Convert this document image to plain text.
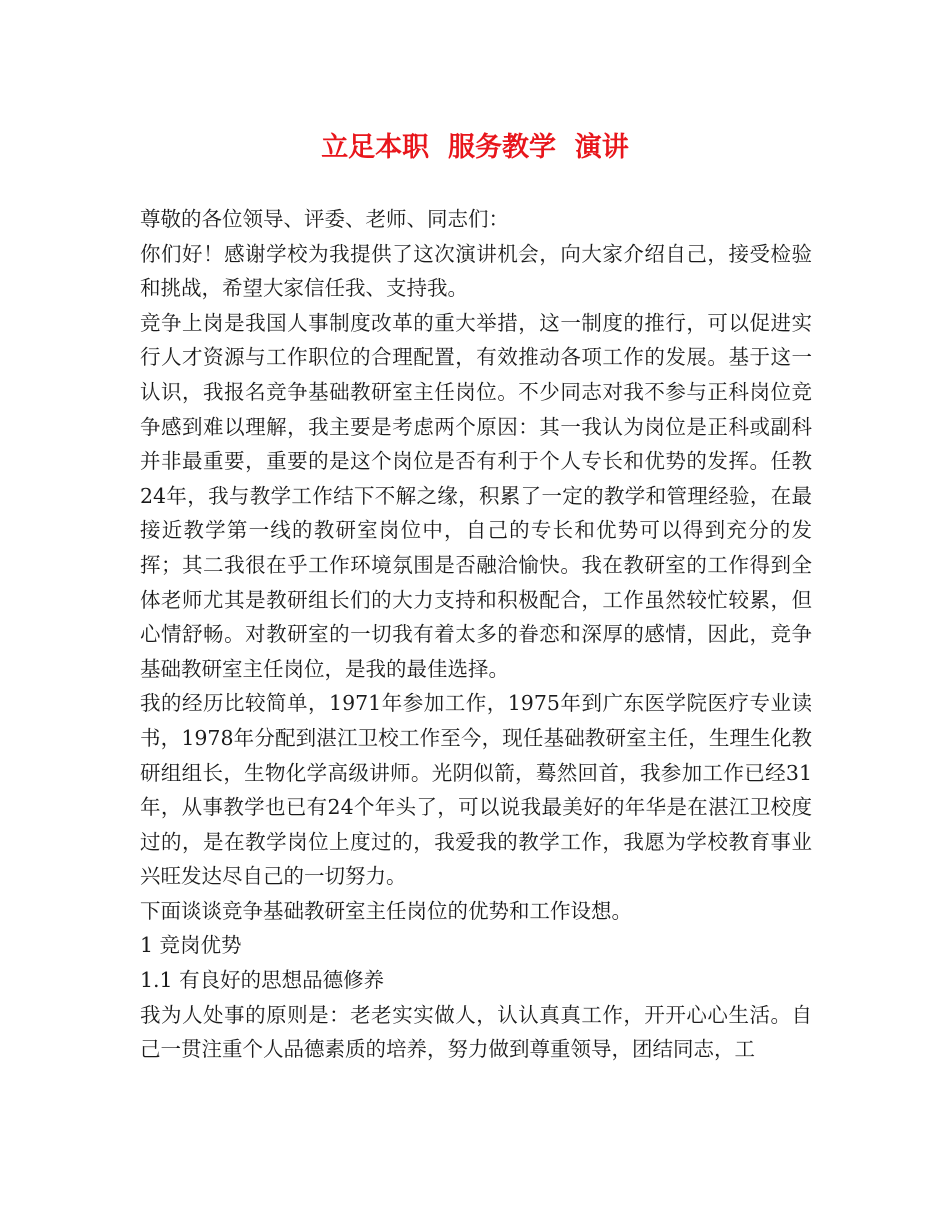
立足本职  服务教学  演讲

尊敬的各位领导、评委、老师、同志们：

你们好！感谢学校为我提供了这次演讲机会，向大家介绍自己，接受检验和挑战，希望大家信任我、支持我。

竞争上岗是我国人事制度改革的重大举措，这一制度的推行，可以促进实行人才资源与工作职位的合理配置，有效推动各项工作的发展。基于这一认识，我报名竞争基础教研室主任岗位。不少同志对我不参与正科岗位竞争感到难以理解，我主要是考虑两个原因：其一我认为岗位是正科或副科并非最重要，重要的是这个岗位是否有利于个人专长和优势的发挥。任教24年，我与教学工作结下不解之缘，积累了一定的教学和管理经验，在最接近教学第一线的教研室岗位中，自己的专长和优势可以得到充分的发挥；其二我很在乎工作环境氛围是否融洽愉快。我在教研室的工作得到全体老师尤其是教研组长们的大力支持和积极配合，工作虽然较忙较累，但心情舒畅。对教研室的一切我有着太多的眷恋和深厚的感情，因此，竞争基础教研室主任岗位，是我的最佳选择。

我的经历比较简单，1971年参加工作，1975年到广东医学院医疗专业读书，1978年分配到湛江卫校工作至今，现任基础教研室主任，生理生化教研组组长，生物化学高级讲师。光阴似箭，蓦然回首，我参加工作已经31年，从事教学也已有24个年头了，可以说我最美好的年华是在湛江卫校度过的，是在教学岗位上度过的，我爱我的教学工作，我愿为学校教育事业兴旺发达尽自己的一切努力。

下面谈谈竞争基础教研室主任岗位的优势和工作设想。

1 竞岗优势

1.1 有良好的思想品德修养

我为人处事的原则是：老老实实做人，认认真真工作，开开心心生活。自己一贯注重个人品德素质的培养，努力做到尊重领导，团结同志，工
